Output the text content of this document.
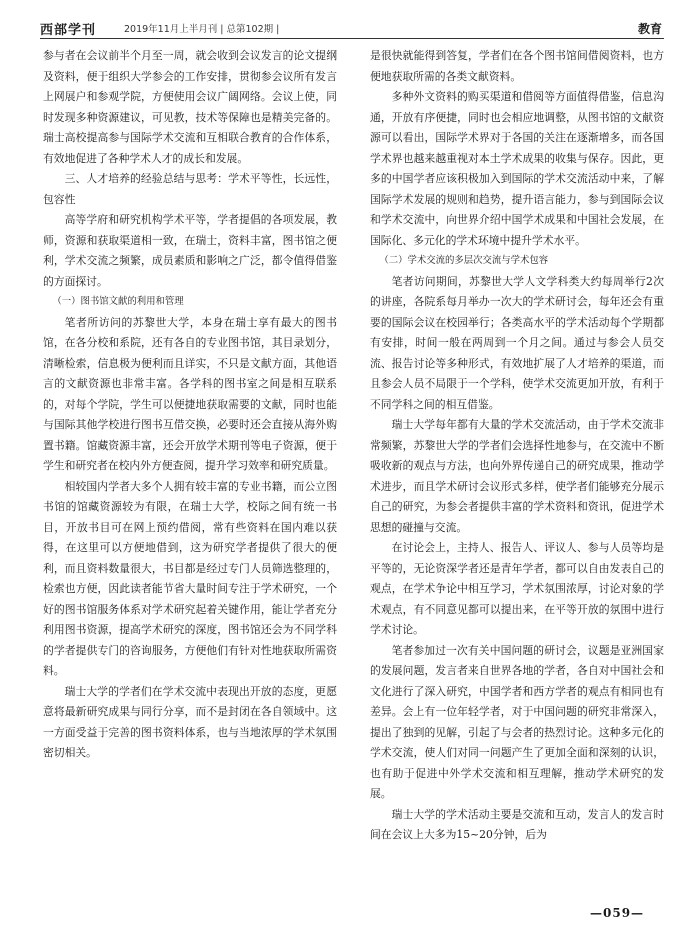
西部学刊	2019年11月上半月刊 | 总第102期 |	教育

参与者在会议前半个月至一周，就会收到会议发言的论文提纲及资料，便于组织大学参会的工作安排，贯彻参会议所有发言上网展户和参观学院，方便使用会议广阔网络。会议上使，同时发现多种资源建议，可见教，技术等保障也是精美完备的。瑞士高校提高参与国际学术交流和互相联合教育的合作体系，有效地促进了各种学术人才的成长和发展。

三、人才培养的经验总结与思考：学术平等性，长远性，包容性

高等学府和研究机构学术平等，学者提倡的各项发展，教师，资源和获取渠道相一致，在瑞士，资料丰富，图书馆之便利，学术交流之频繁，成员素质和影响之广泛，都令值得借鉴的方面探讨。

（一）图书馆文献的利用和管理

笔者所访问的苏黎世大学，本身在瑞士享有最大的图书馆，在各分校和系院，还有各自的专业图书馆，其目录划分，清晰检索，信息极为便利而且详实，不只是文献方面，其他语言的文献资源也非常丰富。各学科的图书室之间是相互联系的，对每个学院，学生可以便捷地获取需要的文献，同时也能与国际其他学校进行图书互借交换，必要时还会直接从海外购置书籍。馆藏资源丰富，还会开放学术期刊等电子资源，便于学生和研究者在校内外方便查阅，提升学习效率和研究质量。

相较国内学者大多个人拥有较丰富的专业书籍，而公立图书馆的馆藏资源较为有限，在瑞士大学，校际之间有统一书目，开放书目可在网上预约借阅，常有些资料在国内难以获得，在这里可以方便地借到，这为研究学者提供了很大的便利，而且资料数量很大，书目都是经过专门人员筛选整理的，检索也方便，因此读者能节省大量时间专注于学术研究，一个好的图书馆服务体系对学术研究起着关键作用，能让学者充分利用图书资源，提高学术研究的深度，图书馆还会为不同学科的学者提供专门的咨询服务，方便他们有针对性地获取所需资料。

瑞士大学的学者们在学术交流中表现出开放的态度，更愿意将最新研究成果与同行分享，而不是封闭在各自领域中。这一方面受益于完善的图书资料体系，也与当地浓厚的学术氛围密切相关。

是很快就能得到答复，学者们在各个图书馆间借阅资料，也方便地获取所需的各类文献资料。

多种外文资料的购买渠道和借阅等方面值得借鉴，信息沟通，开放有序便捷，同时也会相应地调整，从图书馆的文献资源可以看出，国际学术界对于各国的关注在逐渐增多，而各国学术界也越来越重视对本土学术成果的收集与保存。因此，更多的中国学者应该积极加入到国际的学术交流活动中来，了解国际学术发展的规则和趋势，提升语言能力，参与到国际会议和学术交流中，向世界介绍中国学术成果和中国社会发展，在国际化、多元化的学术环境中提升学术水平。

（二）学术交流的多层次交流与学术包容

笔者访问期间，苏黎世大学人文学科类大约每周举行2次的讲座，各院系每月举办一次大的学术研讨会，每年还会有重要的国际会议在校园举行；各类高水平的学术活动每个学期都有安排，时间一般在两周到一个月之间。通过与参会人员交流、报告讨论等多种形式，有效地扩展了人才培养的渠道，而且参会人员不局限于一个学科，使学术交流更加开放，有利于不同学科之间的相互借鉴。

瑞士大学每年都有大量的学术交流活动，由于学术交流非常频繁，苏黎世大学的学者们会选择性地参与，在交流中不断吸收新的观点与方法，也向外界传递自己的研究成果，推动学术进步，而且学术研讨会议形式多样，使学者们能够充分展示自己的研究，为参会者提供丰富的学术资料和资讯，促进学术思想的碰撞与交流。

在讨论会上，主持人、报告人、评议人、参与人员等均是平等的，无论资深学者还是青年学者，都可以自由发表自己的观点，在学术争论中相互学习，学术氛围浓厚，讨论对象的学术观点，有不同意见都可以提出来，在平等开放的氛围中进行学术讨论。

笔者参加过一次有关中国问题的研讨会，议题是亚洲国家的发展问题，发言者来自世界各地的学者，各自对中国社会和文化进行了深入研究，中国学者和西方学者的观点有相同也有差异。会上有一位年轻学者，对于中国问题的研究非常深入，提出了独到的见解，引起了与会者的热烈讨论。这种多元化的学术交流，使人们对同一问题产生了更加全面和深刻的认识，也有助于促进中外学术交流和相互理解，推动学术研究的发展。

瑞士大学的学术活动主要是交流和互动，发言人的发言时间在会议上大多为15~20分钟，后为

—059—
